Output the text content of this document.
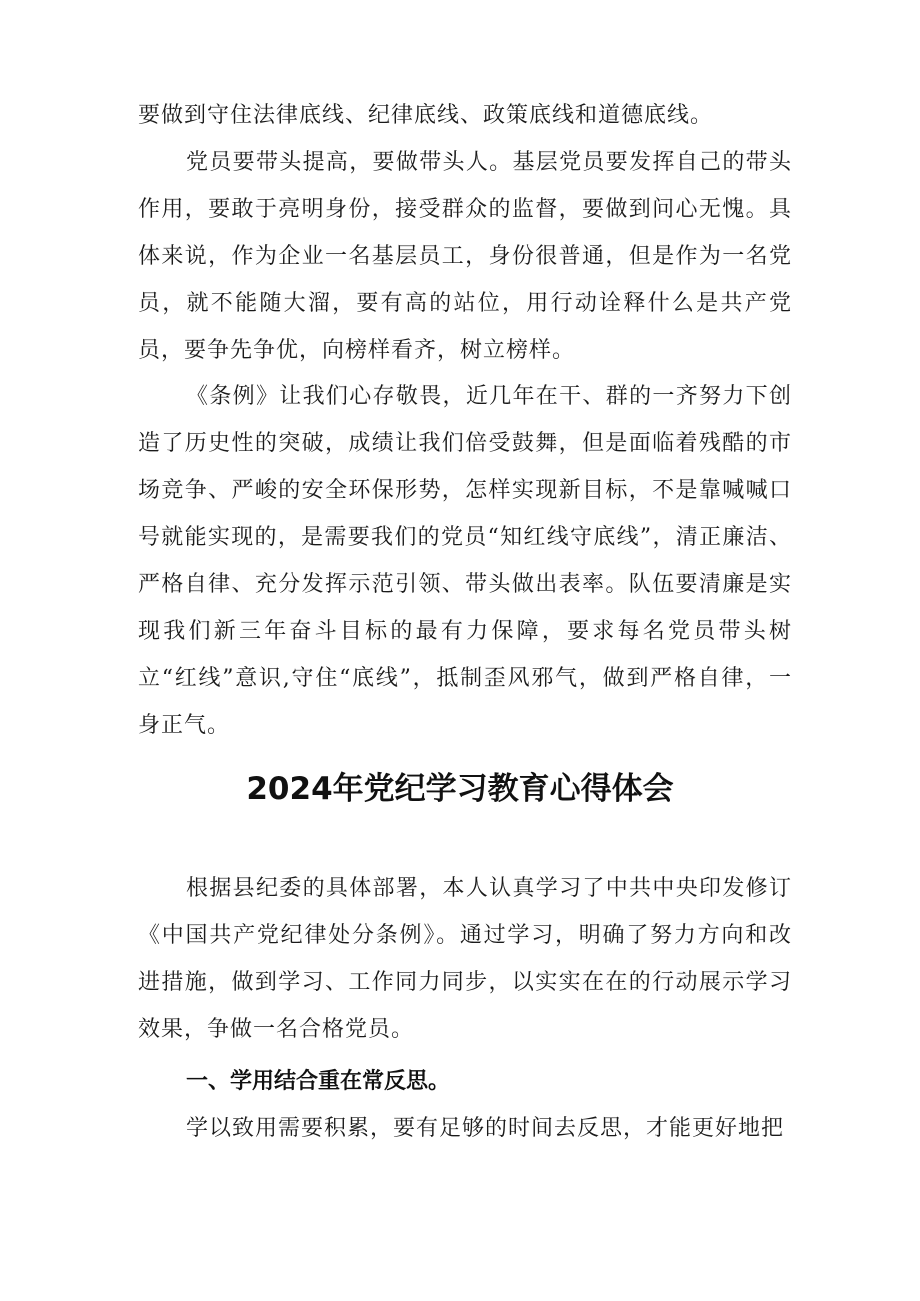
要做到守住法律底线、纪律底线、政策底线和道德底线。

党员要带头提高，要做带头人。基层党员要发挥自己的带头作用，要敢于亮明身份，接受群众的监督，要做到问心无愧。具体来说，作为企业一名基层员工，身份很普通，但是作为一名党员，就不能随大溜，要有高的站位，用行动诠释什么是共产党员，要争先争优，向榜样看齐，树立榜样。

《条例》让我们心存敬畏，近几年在干、群的一齐努力下创造了历史性的突破，成绩让我们倍受鼓舞，但是面临着残酷的市场竞争、严峻的安全环保形势，怎样实现新目标，不是靠喊喊口号就能实现的，是需要我们的党员“知红线守底线”，清正廉洁、严格自律、充分发挥示范引领、带头做出表率。队伍要清廉是实现我们新三年奋斗目标的最有力保障，要求每名党员带头树立“红线”意识,守住“底线”，抵制歪风邪气，做到严格自律，一身正气。

2024年党纪学习教育心得体会

根据县纪委的具体部署，本人认真学习了中共中央印发修订《中国共产党纪律处分条例》。通过学习，明确了努力方向和改进措施，做到学习、工作同力同步，以实实在在的行动展示学习效果，争做一名合格党员。

一、学用结合重在常反思。

学以致用需要积累，要有足够的时间去反思，才能更好地把
